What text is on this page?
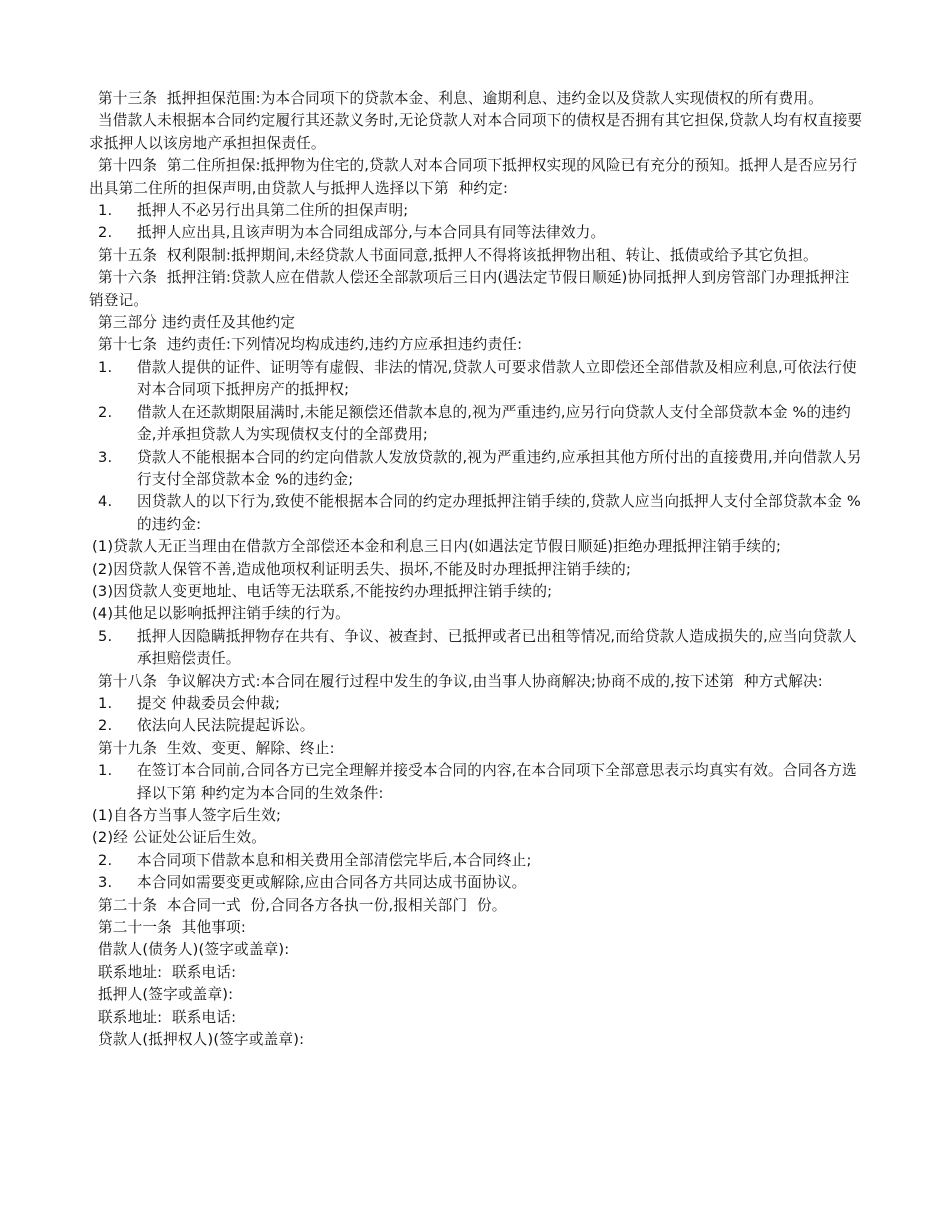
第十三条  抵押担保范围:为本合同项下的贷款本金、利息、逾期利息、违约金以及贷款人实现债权的所有费用。

当借款人未根据本合同约定履行其还款义务时,无论贷款人对本合同项下的债权是否拥有其它担保,贷款人均有权直接要求抵押人以该房地产承担担保责任。

第十四条  第二住所担保:抵押物为住宅的,贷款人对本合同项下抵押权实现的风险已有充分的预知。抵押人是否应另行出具第二住所的担保声明,由贷款人与抵押人选择以下第  种约定:

1.	抵押人不必另行出具第二住所的担保声明;
2.	抵押人应出具,且该声明为本合同组成部分,与本合同具有同等法律效力。

第十五条  权利限制:抵押期间,未经贷款人书面同意,抵押人不得将该抵押物出租、转让、抵债或给予其它负担。

第十六条  抵押注销:贷款人应在借款人偿还全部款项后三日内(遇法定节假日顺延)协同抵押人到房管部门办理抵押注销登记。

第三部分 违约责任及其他约定

第十七条  违约责任:下列情况均构成违约,违约方应承担违约责任:

1.	借款人提供的证件、证明等有虚假、非法的情况,贷款人可要求借款人立即偿还全部借款及相应利息,可依法行使对本合同项下抵押房产的抵押权;
2.	借款人在还款期限届满时,未能足额偿还借款本息的,视为严重违约,应另行向贷款人支付全部贷款本金 %的违约金,并承担贷款人为实现债权支付的全部费用;
3.	贷款人不能根据本合同的约定向借款人发放贷款的,视为严重违约,应承担其他方所付出的直接费用,并向借款人另行支付全部贷款本金 %的违约金;
4.	因贷款人的以下行为,致使不能根据本合同的约定办理抵押注销手续的,贷款人应当向抵押人支付全部贷款本金 %的违约金:

(1)贷款人无正当理由在借款方全部偿还本金和利息三日内(如遇法定节假日顺延)拒绝办理抵押注销手续的;

(2)因贷款人保管不善,造成他项权利证明丢失、损坏,不能及时办理抵押注销手续的;

(3)因贷款人变更地址、电话等无法联系,不能按约办理抵押注销手续的;

(4)其他足以影响抵押注销手续的行为。

5.	抵押人因隐瞒抵押物存在共有、争议、被查封、已抵押或者已出租等情况,而给贷款人造成损失的,应当向贷款人承担赔偿责任。

第十八条  争议解决方式:本合同在履行过程中发生的争议,由当事人协商解决;协商不成的,按下述第  种方式解决:

1.	提交 仲裁委员会仲裁;
2.	依法向人民法院提起诉讼。

第十九条  生效、变更、解除、终止:

1.	在签订本合同前,合同各方已完全理解并接受本合同的内容,在本合同项下全部意思表示均真实有效。合同各方选择以下第 种约定为本合同的生效条件:

(1)自各方当事人签字后生效;

(2)经 公证处公证后生效。

2.	本合同项下借款本息和相关费用全部清偿完毕后,本合同终止;
3.	本合同如需要变更或解除,应由合同各方共同达成书面协议。

第二十条  本合同一式  份,合同各方各执一份,报相关部门  份。

第二十一条  其他事项:

借款人(债务人)(签字或盖章):

联系地址:  联系电话:

抵押人(签字或盖章):

联系地址:  联系电话:

贷款人(抵押权人)(签字或盖章):
